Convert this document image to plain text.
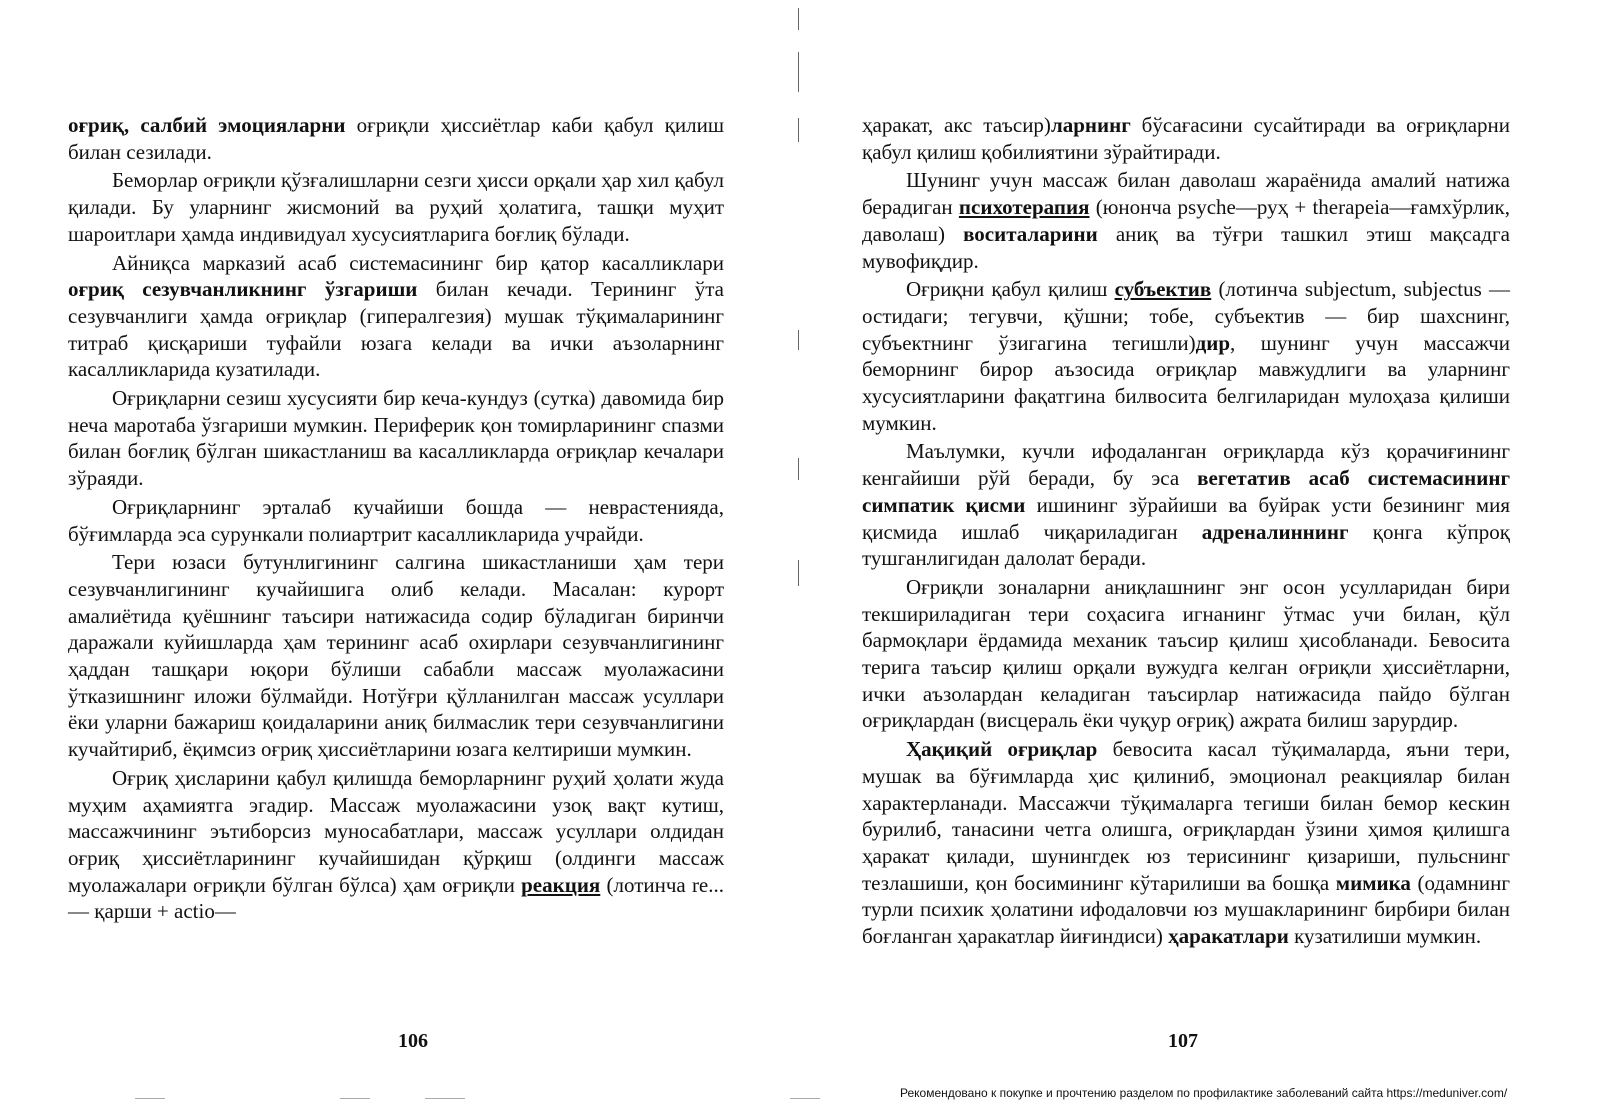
оғриқ, салбий эмоцияларни оғриқли ҳиссиётлар каби қабул қилиш билан сезилади.

Беморлар оғриқли қўзғалишларни сезги ҳисси орқали ҳар хил қабул қилади. Бу уларнинг жисмоний ва руҳий ҳолатига, ташқи муҳит шароитлари ҳамда индивидуал хусусиятларига боғлиқ бўлади.

Айниқса марказий асаб системасининг бир қатор касалликлари оғриқ сезувчанликнинг ўзгариши билан кечади. Терининг ўта сезувчанлиги ҳамда оғриқлар (гипералгезия) мушак тўқималарининг титраб қисқариши туфайли юзага келади ва ички аъзоларнинг касалликларида кузатилади.

Оғриқларни сезиш хусусияти бир кеча-кундуз (сутка) давомида бир неча маротаба ўзгариши мумкин. Периферик қон томирларининг спазми билан боғлиқ бўлган шикастланиш ва касалликларда оғриқлар кечалари зўраяди.

Оғриқларнинг эрталаб кучайиши бошда — неврастенияда, бўғимларда эса сурункали полиартрит касалликларида учрайди.

Тери юзаси бутунлигининг салгина шикастланиши ҳам тери сезувчанлигининг кучайишига олиб келади. Масалан: курорт амалиётида қуёшнинг таъсири натижасида содир бўладиган биринчи даражали куйишларда ҳам терининг асаб охирлари сезувчанлигининг ҳаддан ташқари юқори бўлиши сабабли массаж муолажасини ўтказишнинг иложи бўлмайди. Нотўғри қўлланилган массаж усуллари ёки уларни бажариш қоидаларини аниқ билмаслик тери сезувчанлигини кучайтириб, ёқимсиз оғриқ ҳиссиётларини юзага келтириши мумкин.

Оғриқ ҳисларини қабул қилишда беморларнинг руҳий ҳолати жуда муҳим аҳамиятга эгадир. Массаж муолажасини узоқ вақт кутиш, массажчининг эътиборсиз муносабатлари, массаж усуллари олдидан оғриқ ҳиссиётларининг кучайишидан қўрқиш (олдинги массаж муолажалари оғриқли бўлган бўлса) ҳам оғриқли реакция (лотинча re... — қарши + actio—

106

ҳаракат, акс таъсир)ларнинг бўсағасини сусайтиради ва оғриқларни қабул қилиш қобилиятини зўрайтиради.

Шунинг учун массаж билан даволаш жараёнида амалий натижа берадиган психотерапия (юнонча psyche—руҳ + therapeia—ғамхўрлик, даволаш) воситаларини аниқ ва тўғри ташкил этиш мақсадга мувофиқдир.

Оғриқни қабул қилиш субъектив (лотинча subjectum, subjectus — остидаги; тегувчи, қўшни; тобе, субъектив — бир шахснинг, субъектнинг ўзигагина тегишли)дир, шунинг учун массажчи беморнинг бирор аъзосида оғриқлар мавжудлиги ва уларнинг хусусиятларини фақатгина билвосита белгиларидан мулоҳаза қилиши мумкин.

Маълумки, кучли ифодаланган оғриқларда кўз қорачиғининг кенгайиши рўй беради, бу эса вегетатив асаб системасининг симпатик қисми ишининг зўрайиши ва буйрак усти безининг мия қисмида ишлаб чиқариладиган адреналиннинг қонга кўпроқ тушганлигидан далолат беради.

Оғриқли зоналарни аниқлашнинг энг осон усулларидан бири текшириладиган тери соҳасига игнанинг ўтмас учи билан, қўл бармоқлари ёрдамида механик таъсир қилиш ҳисобланади. Бевосита терига таъсир қилиш орқали вужудга келган оғриқли ҳиссиётларни, ички аъзолардан келадиган таъсирлар натижасида пайдо бўлган оғриқлардан (висцераль ёки чуқур оғриқ) ажрата билиш зарурдир.

Ҳақиқий оғриқлар бевосита касал тўқималарда, яъни тери, мушак ва бўғимларда ҳис қилиниб, эмоционал реакциялар билан характерланади. Массажчи тўқималарга тегиши билан бемор кескин бурилиб, танасини четга олишга, оғриқлардан ўзини ҳимоя қилишга ҳаракат қилади, шунингдек юз терисининг қизариши, пульснинг тезлашиши, қон босимининг кўтарилиши ва бошқа мимика (одамнинг турли психик ҳолатини ифодаловчи юз мушакларининг бирбири билан боғланган ҳаракатлар йиғиндиси) ҳаракатлари кузатилиши мумкин.

107
Рекомендовано к покупке и прочтению разделом по профилактике заболеваний сайта https://meduniver.com/
